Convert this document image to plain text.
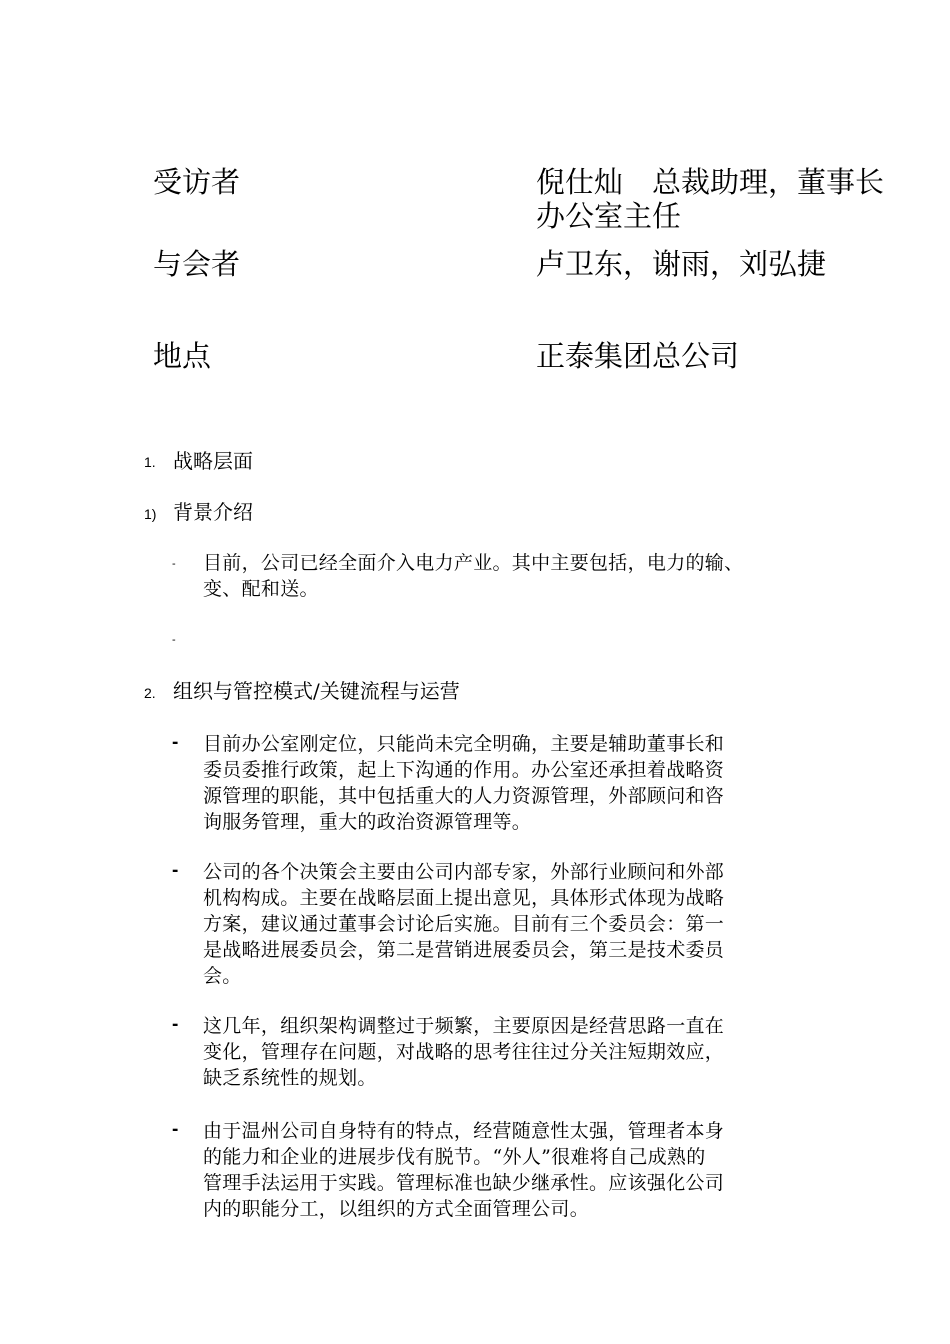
受访者	倪仕灿　总裁助理，董事长
办公室主任
与会者	卢卫东，谢雨，刘弘捷
地点	正泰集团总公司
1. 战略层面
1) 背景介绍
- 目前，公司已经全面介入电力产业。其中主要包括，电力的输、
变、配和送。
-
2. 组织与管控模式/关键流程与运营
- 目前办公室刚定位，只能尚未完全明确，主要是辅助董事长和
委员委推行政策，起上下沟通的作用。办公室还承担着战略资
源管理的职能，其中包括重大的人力资源管理，外部顾问和咨
询服务管理，重大的政治资源管理等。
- 公司的各个决策会主要由公司内部专家，外部行业顾问和外部
机构构成。主要在战略层面上提出意见，具体形式体现为战略
方案，建议通过董事会讨论后实施。目前有三个委员会：第一
是战略进展委员会，第二是营销进展委员会，第三是技术委员
会。
- 这几年，组织架构调整过于频繁，主要原因是经营思路一直在
变化，管理存在问题，对战略的思考往往过分关注短期效应，
缺乏系统性的规划。
- 由于温州公司自身特有的特点，经营随意性太强，管理者本身
的能力和企业的进展步伐有脱节。“外人”很难将自己成熟的
管理手法运用于实践。管理标准也缺少继承性。应该强化公司
内的职能分工，以组织的方式全面管理公司。
